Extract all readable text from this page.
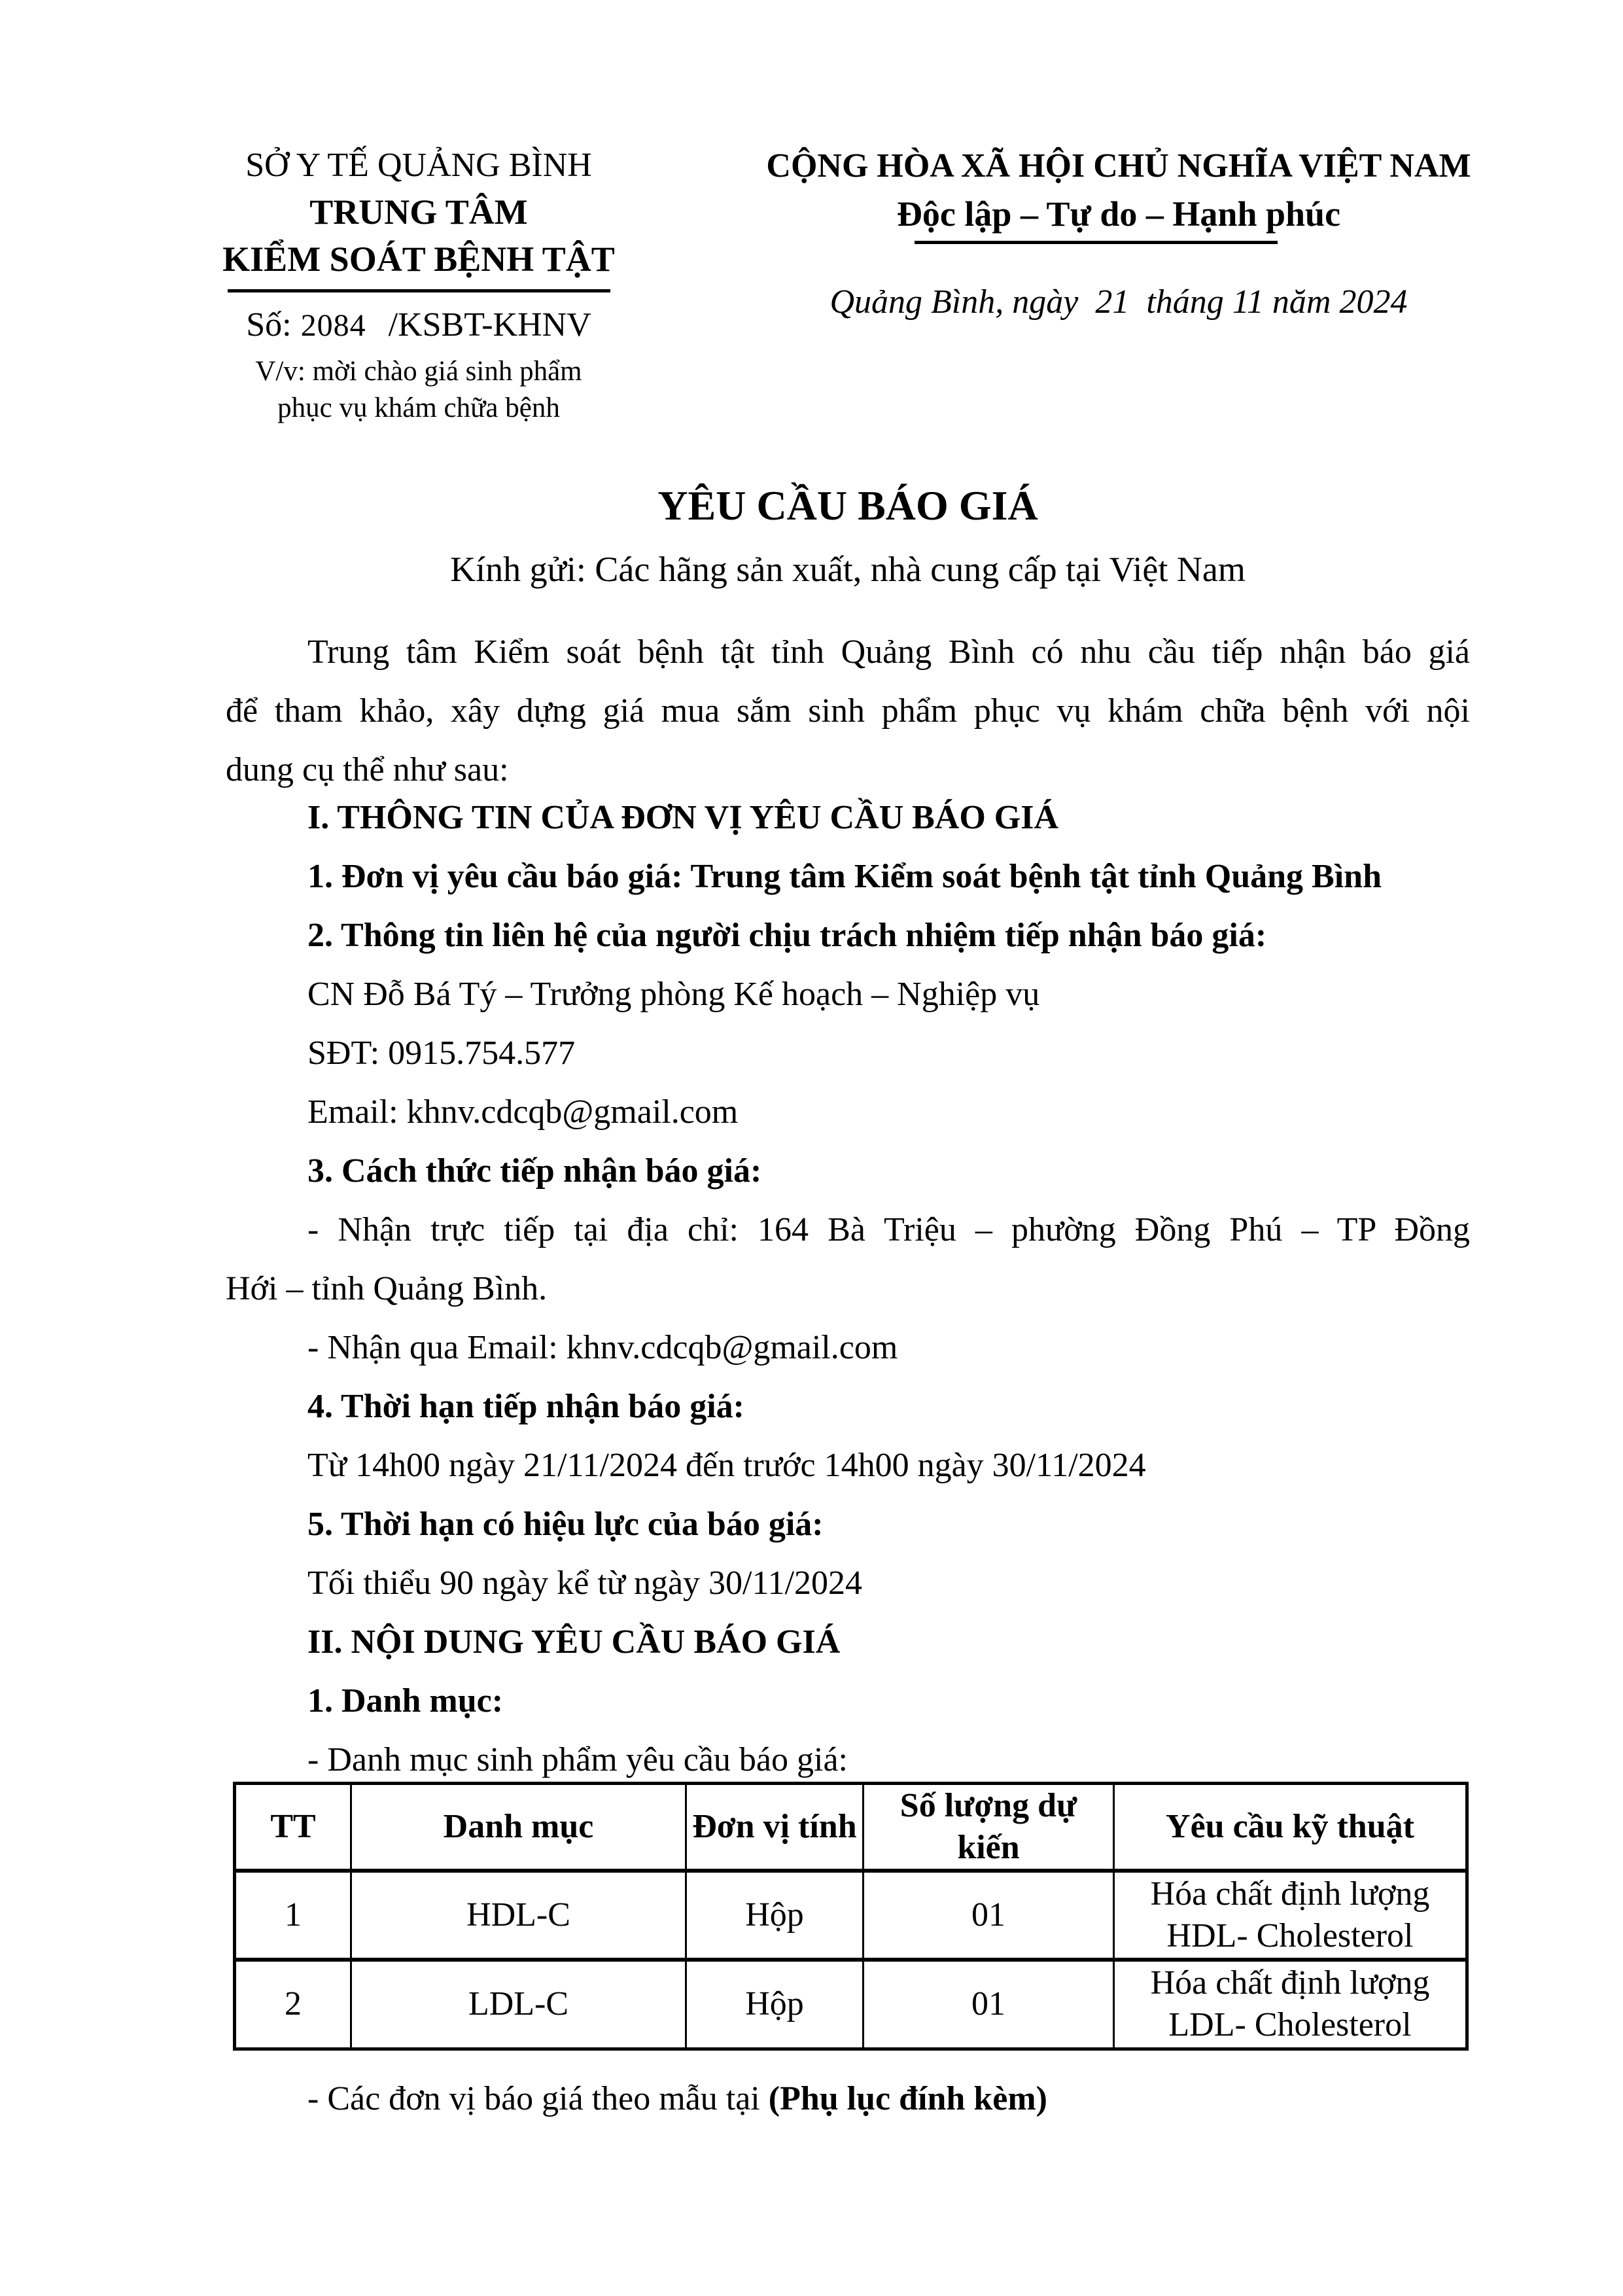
SỞ Y TẾ QUẢNG BÌNH
TRUNG TÂM
KIỂM SOÁT BỆNH TẬT
Số: 2084 /KSBT-KHNV
V/v: mời chào giá sinh phẩm
phục vụ khám chữa bệnh
CỘNG HÒA XÃ HỘI CHỦ NGHĨA VIỆT NAM
Độc lập – Tự do – Hạnh phúc
Quảng Bình, ngày  21  tháng 11 năm 2024
YÊU CẦU BÁO GIÁ
Kính gửi: Các hãng sản xuất, nhà cung cấp tại Việt Nam
Trung tâm Kiểm soát bệnh tật tỉnh Quảng Bình có nhu cầu tiếp nhận báo giá
để tham khảo, xây dựng giá mua sắm sinh phẩm phục vụ khám chữa bệnh với nội
dung cụ thể như sau:
I. THÔNG TIN CỦA ĐƠN VỊ YÊU CẦU BÁO GIÁ
1. Đơn vị yêu cầu báo giá: Trung tâm Kiểm soát bệnh tật tỉnh Quảng Bình
2. Thông tin liên hệ của người chịu trách nhiệm tiếp nhận báo giá:
CN Đỗ Bá Tý – Trưởng phòng Kế hoạch – Nghiệp vụ
SĐT: 0915.754.577
Email: khnv.cdcqb@gmail.com
3. Cách thức tiếp nhận báo giá:
- Nhận trực tiếp tại địa chỉ: 164 Bà Triệu – phường Đồng Phú – TP Đồng
Hới – tỉnh Quảng Bình.
- Nhận qua Email: khnv.cdcqb@gmail.com
4. Thời hạn tiếp nhận báo giá:
Từ 14h00 ngày 21/11/2024 đến trước 14h00 ngày 30/11/2024
5. Thời hạn có hiệu lực của báo giá:
Tối thiểu 90 ngày kể từ ngày 30/11/2024
II. NỘI DUNG YÊU CẦU BÁO GIÁ
1. Danh mục:
- Danh mục sinh phẩm yêu cầu báo giá:
TT	Danh mục	Đơn vị tính	Số lượng dự kiến	Yêu cầu kỹ thuật
1	HDL-C	Hộp	01	Hóa chất định lượng HDL- Cholesterol
2	LDL-C	Hộp	01	Hóa chất định lượng LDL- Cholesterol
- Các đơn vị báo giá theo mẫu tại (Phụ lục đính kèm)
